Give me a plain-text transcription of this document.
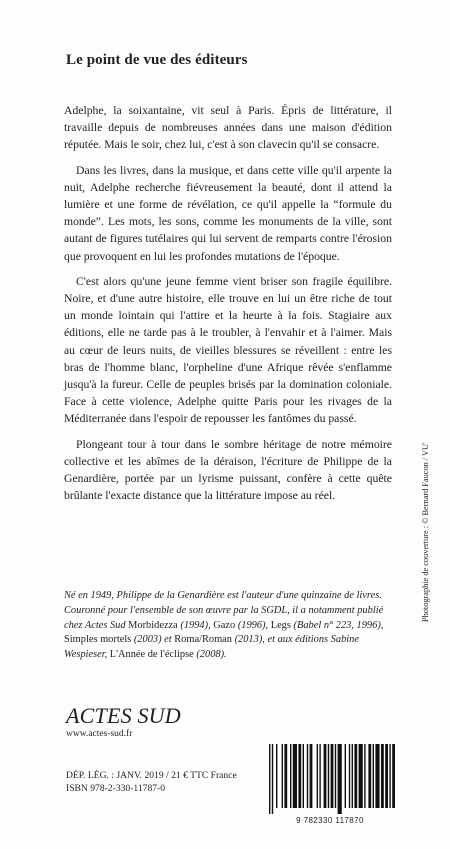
Le point de vue des éditeurs

Adelphe, la soixantaine, vit seul à Paris. Épris de littérature, il travaille depuis de nombreuses années dans une maison d'édition réputée. Mais le soir, chez lui, c'est à son clavecin qu'il se consacre.

Dans les livres, dans la musique, et dans cette ville qu'il arpente la nuit, Adelphe recherche fiévreusement la beauté, dont il attend la lumière et une forme de révélation, ce qu'il appelle la “formule du monde”. Les mots, les sons, comme les monuments de la ville, sont autant de figures tutélaires qui lui servent de remparts contre l'érosion que provoquent en lui les profondes mutations de l'époque.

C'est alors qu'une jeune femme vient briser son fragile équilibre. Noire, et d'une autre histoire, elle trouve en lui un être riche de tout un monde lointain qui l'attire et la heurte à la fois. Stagiaire aux éditions, elle ne tarde pas à le troubler, à l'envahir et à l'aimer. Mais au cœur de leurs nuits, de vieilles blessures se réveillent : entre les bras de l'homme blanc, l'orpheline d'une Afrique rêvée s'enflamme jusqu'à la fureur. Celle de peuples brisés par la domination coloniale. Face à cette violence, Adelphe quitte Paris pour les rivages de la Méditerranée dans l'espoir de repousser les fantômes du passé.

Plongeant tour à tour dans le sombre héritage de notre mémoire collective et les abîmes de la déraison, l'écriture de Philippe de la Genardière, portée par un lyrisme puissant, confère à cette quête brûlante l'exacte distance que la littérature impose au réel.

Né en 1949, Philippe de la Genardière est l'auteur d'une quinzaine de livres. Couronné pour l'ensemble de son œuvre par la SGDL, il a notamment publié chez Actes Sud Morbidezza (1994), Gazo (1996), Legs (Babel n° 223, 1996), Simples mortels (2003) et Roma/Roman (2013), et aux éditions Sabine Wespieser, L'Année de l'éclipse (2008).
ACTES SUD
www.actes-sud.fr
DÉP. LÉG. : JANV. 2019 / 21 € TTC France
ISBN 978-2-330-11787-0
9 782330 117870
Photographie de couverture : © Bernard Faucon / VU'
